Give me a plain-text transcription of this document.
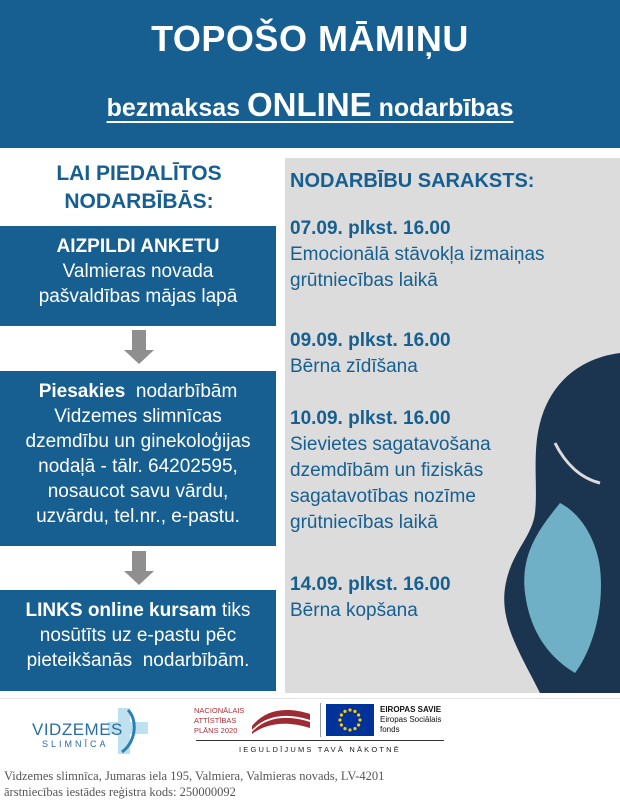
TOPOŠO MĀMIŅU
bezmaksas ONLINE nodarbības
LAI PIEDALĪTOS
NODARBĪBĀS:
AIZPILDI ANKETU
Valmieras novada
pašvaldības mājas lapā
Piesakies  nodarbībām
Vidzemes slimnīcas
dzemdību un ginekoloģijas
nodaļā - tālr. 64202595,
nosaucot savu vārdu,
uzvārdu, tel.nr., e-pastu.
LINKS online kursam tiks
nosūtīts uz e-pastu pēc
pieteikšanās  nodarbībām.
NODARBĪBU SARAKSTS:
07.09. plkst. 16.00
Emocionālā stāvokļa izmaiņas
grūtniecības laikā
09.09. plkst. 16.00
Bērna zīdīšana
10.09. plkst. 16.00
Sievietes sagatavošana
dzemdībām un fiziskās
sagatavotības nozīme
grūtniecības laikā
14.09. plkst. 16.00
Bērna kopšana
VIDZEMES
SLIMNĪCA
NACIONĀLAIS
ATTĪSTĪBAS
PLĀNS 2020
EIROPAS SAVIE
Eiropas Sociālais
fonds
IEGULDĪJUMS TAVĀ NĀKOTNĒ
Vidzemes slimnīca, Jumaras iela 195, Valmiera, Valmieras novads, LV-4201
ārstniecības iestādes reģistra kods: 250000092
